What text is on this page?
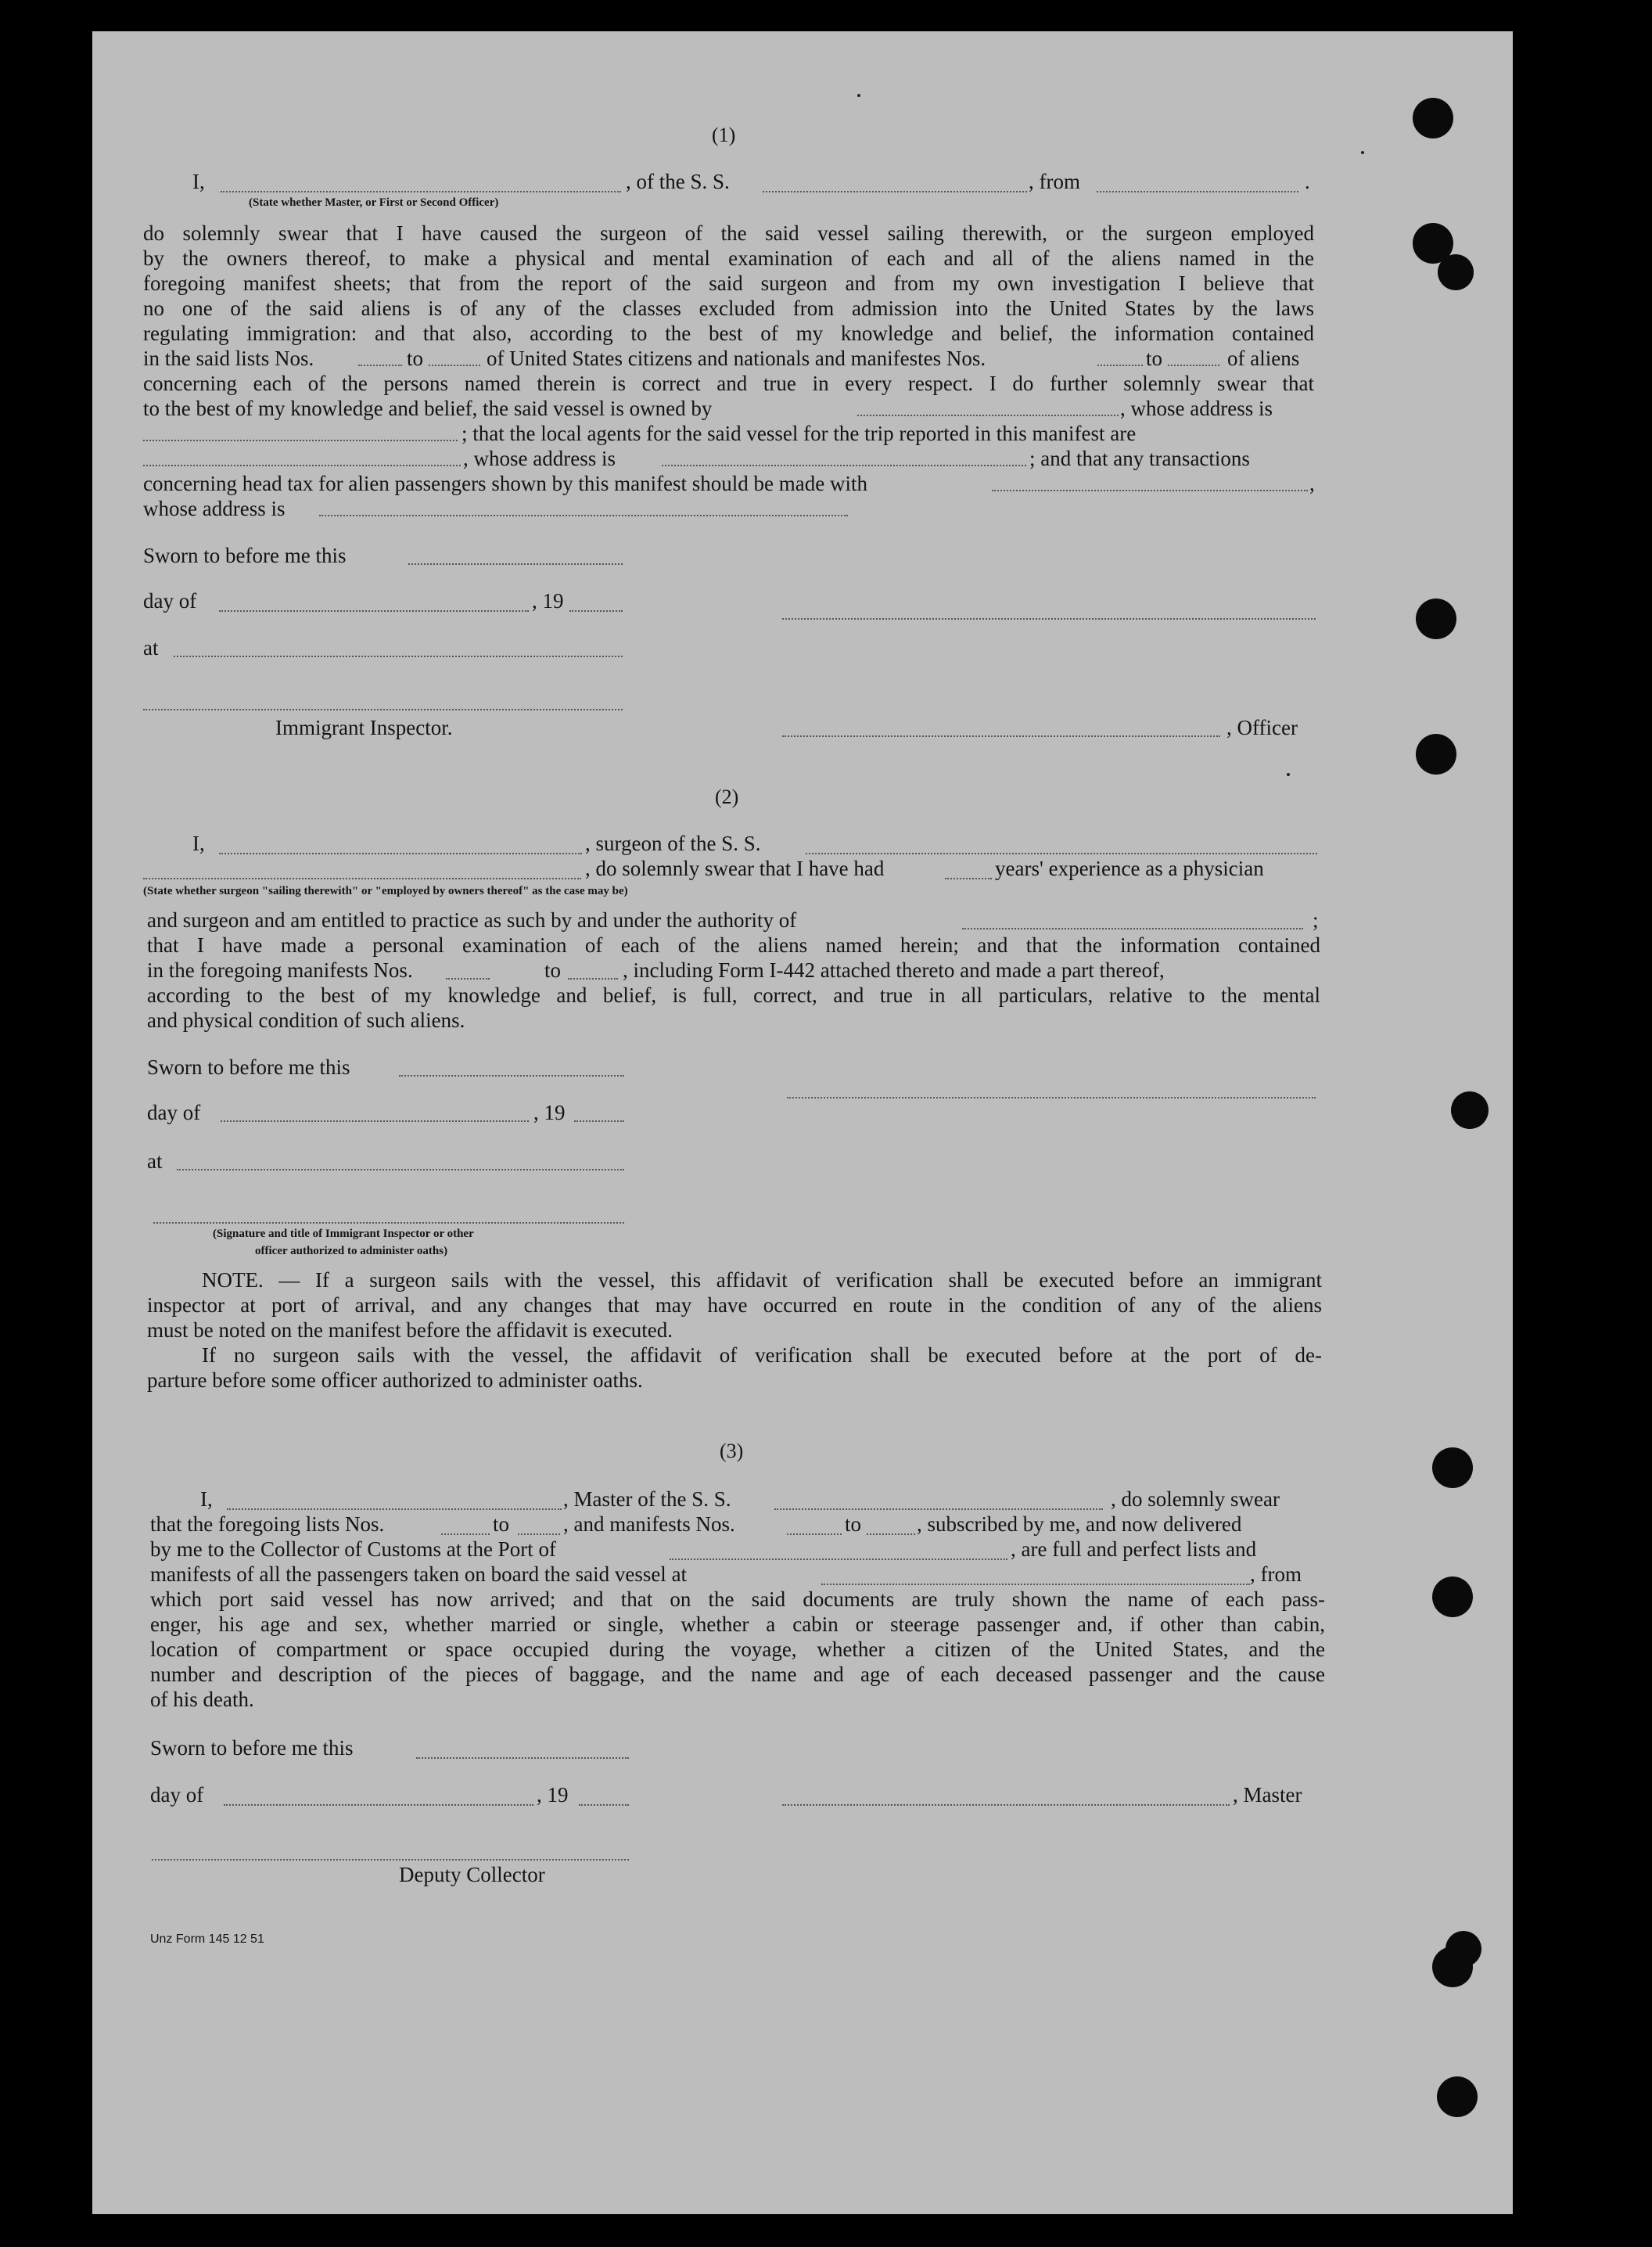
(1)
I,	, of the S. S.	, from	.
(State whether Master, or First or Second Officer)
do solemnly swear that I have caused the surgeon of the said vessel sailing therewith, or the surgeon employed
by the owners thereof, to make a physical and mental examination of each and all of the aliens named in the
foregoing manifest sheets; that from the report of the said surgeon and from my own investigation I believe that
no one of the said aliens is of any of the classes excluded from admission into the United States by the laws
regulating immigration: and that also, according to the best of my knowledge and belief, the information contained
in the said lists Nos.	to	of United States citizens and nationals and manifestes Nos.	to	of aliens
concerning each of the persons named therein is correct and true in every respect. I do further solemnly swear that
to the best of my knowledge and belief, the said vessel is owned by	, whose address is
; that the local agents for the said vessel for the trip reported in this manifest are
, whose address is	; and that any transactions
concerning head tax for alien passengers shown by this manifest should be made with	,
whose address is
Sworn to before me this
day of	, 19
at
Immigrant Inspector.	, Officer
(2)
I,	, surgeon of the S. S.
, do solemnly swear that I have had	years' experience as a physician
(State whether surgeon "sailing therewith" or "employed by owners thereof" as the case may be)
and surgeon and am entitled to practice as such by and under the authority of	;
that I have made a personal examination of each of the aliens named herein; and that the information contained
in the foregoing manifests Nos.	to	, including Form I-442 attached thereto and made a part thereof,
according to the best of my knowledge and belief, is full, correct, and true in all particulars, relative to the mental
and physical condition of such aliens.
Sworn to before me this
day of	, 19
at
(Signature and title of Immigrant Inspector or other
officer authorized to administer oaths)
NOTE. — If a surgeon sails with the vessel, this affidavit of verification shall be executed before an immigrant
inspector at port of arrival, and any changes that may have occurred en route in the condition of any of the aliens
must be noted on the manifest before the affidavit is executed.
If no surgeon sails with the vessel, the affidavit of verification shall be executed before at the port of de-
parture before some officer authorized to administer oaths.
(3)
I,	, Master of the S. S.	, do solemnly swear
that the foregoing lists Nos.	to	, and manifests Nos.	to	, subscribed by me, and now delivered
by me to the Collector of Customs at the Port of	, are full and perfect lists and
manifests of all the passengers taken on board the said vessel at	, from
which port said vessel has now arrived; and that on the said documents are truly shown the name of each pass-
enger, his age and sex, whether married or single, whether a cabin or steerage passenger and, if other than cabin,
location of compartment or space occupied during the voyage, whether a citizen of the United States, and the
number and description of the pieces of baggage, and the name and age of each deceased passenger and the cause
of his death.
Sworn to before me this
day of	, 19	, Master
Deputy Collector
Unz Form 145 12 51
